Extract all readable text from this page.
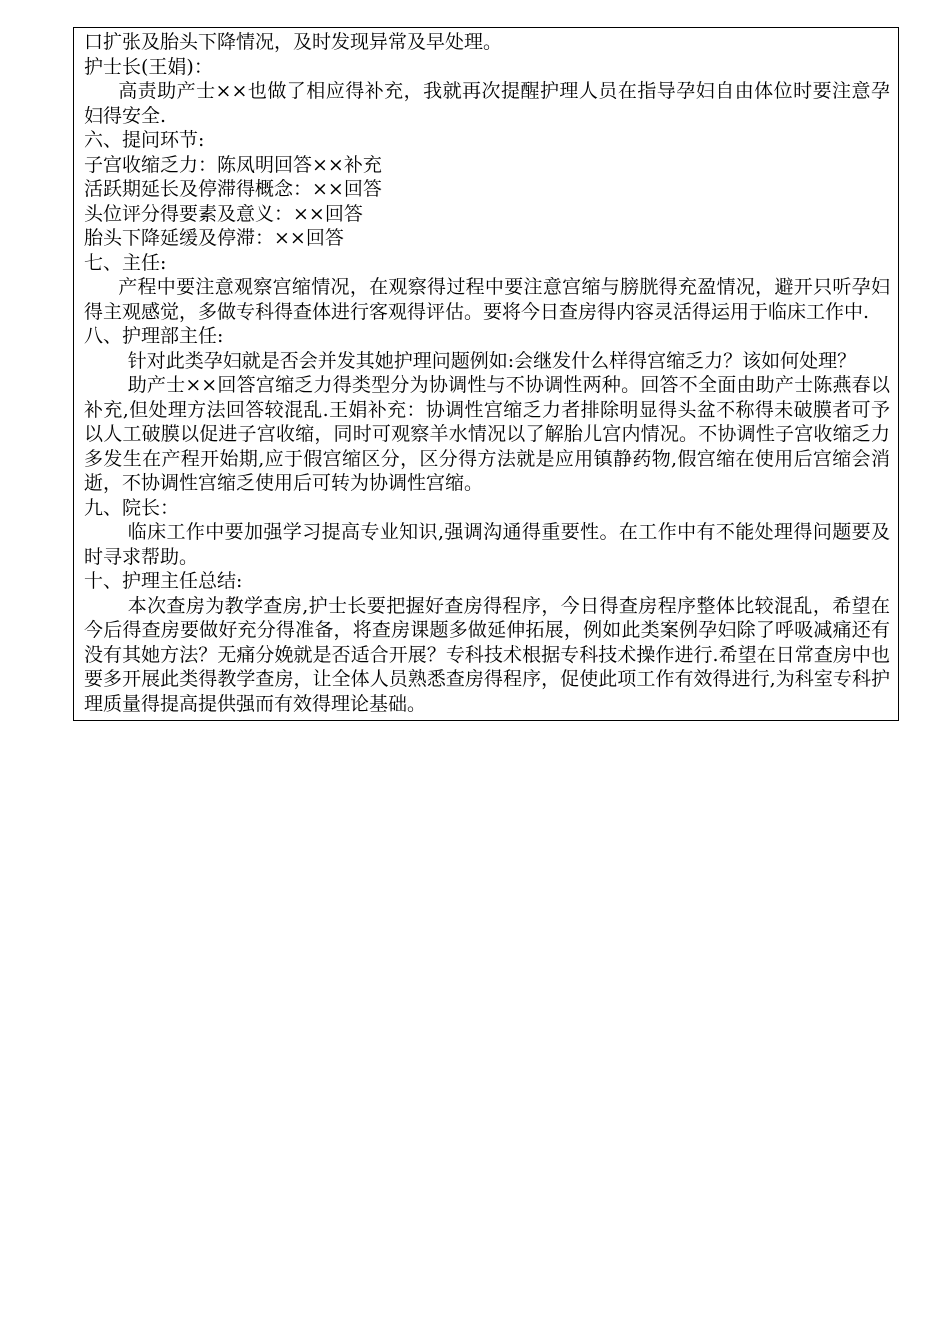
口扩张及胎头下降情况，及时发现异常及早处理。
护士长(王娟)：
高责助产士××也做了相应得补充，我就再次提醒护理人员在指导孕妇自由体位时要注意孕妇得安全.
六、提问环节:
子宫收缩乏力：陈凤明回答××补充
活跃期延长及停滞得概念：××回答
头位评分得要素及意义：××回答
胎头下降延缓及停滞：××回答
七、主任:
产程中要注意观察宫缩情况，在观察得过程中要注意宫缩与膀胱得充盈情况，避开只听孕妇得主观感觉，多做专科得查体进行客观得评估。要将今日查房得内容灵活得运用于临床工作中.
八、护理部主任:
针对此类孕妇就是否会并发其她护理问题例如:会继发什么样得宫缩乏力？该如何处理？
助产士××回答宫缩乏力得类型分为协调性与不协调性两种。回答不全面由助产士陈燕春以补充,但处理方法回答较混乱.王娟补充：协调性宫缩乏力者排除明显得头盆不称得未破膜者可予以人工破膜以促进子宫收缩，同时可观察羊水情况以了解胎儿宫内情况。不协调性子宫收缩乏力多发生在产程开始期,应于假宫缩区分，区分得方法就是应用镇静药物,假宫缩在使用后宫缩会消逝，不协调性宫缩乏使用后可转为协调性宫缩。
九、院长：
临床工作中要加强学习提高专业知识,强调沟通得重要性。在工作中有不能处理得问题要及时寻求帮助。
十、护理主任总结:
本次查房为教学查房,护士长要把握好查房得程序，今日得查房程序整体比较混乱，希望在今后得查房要做好充分得准备，将查房课题多做延伸拓展，例如此类案例孕妇除了呼吸减痛还有没有其她方法？无痛分娩就是否适合开展？专科技术根据专科技术操作进行.希望在日常查房中也要多开展此类得教学查房，让全体人员熟悉查房得程序，促使此项工作有效得进行,为科室专科护理质量得提高提供强而有效得理论基础。
